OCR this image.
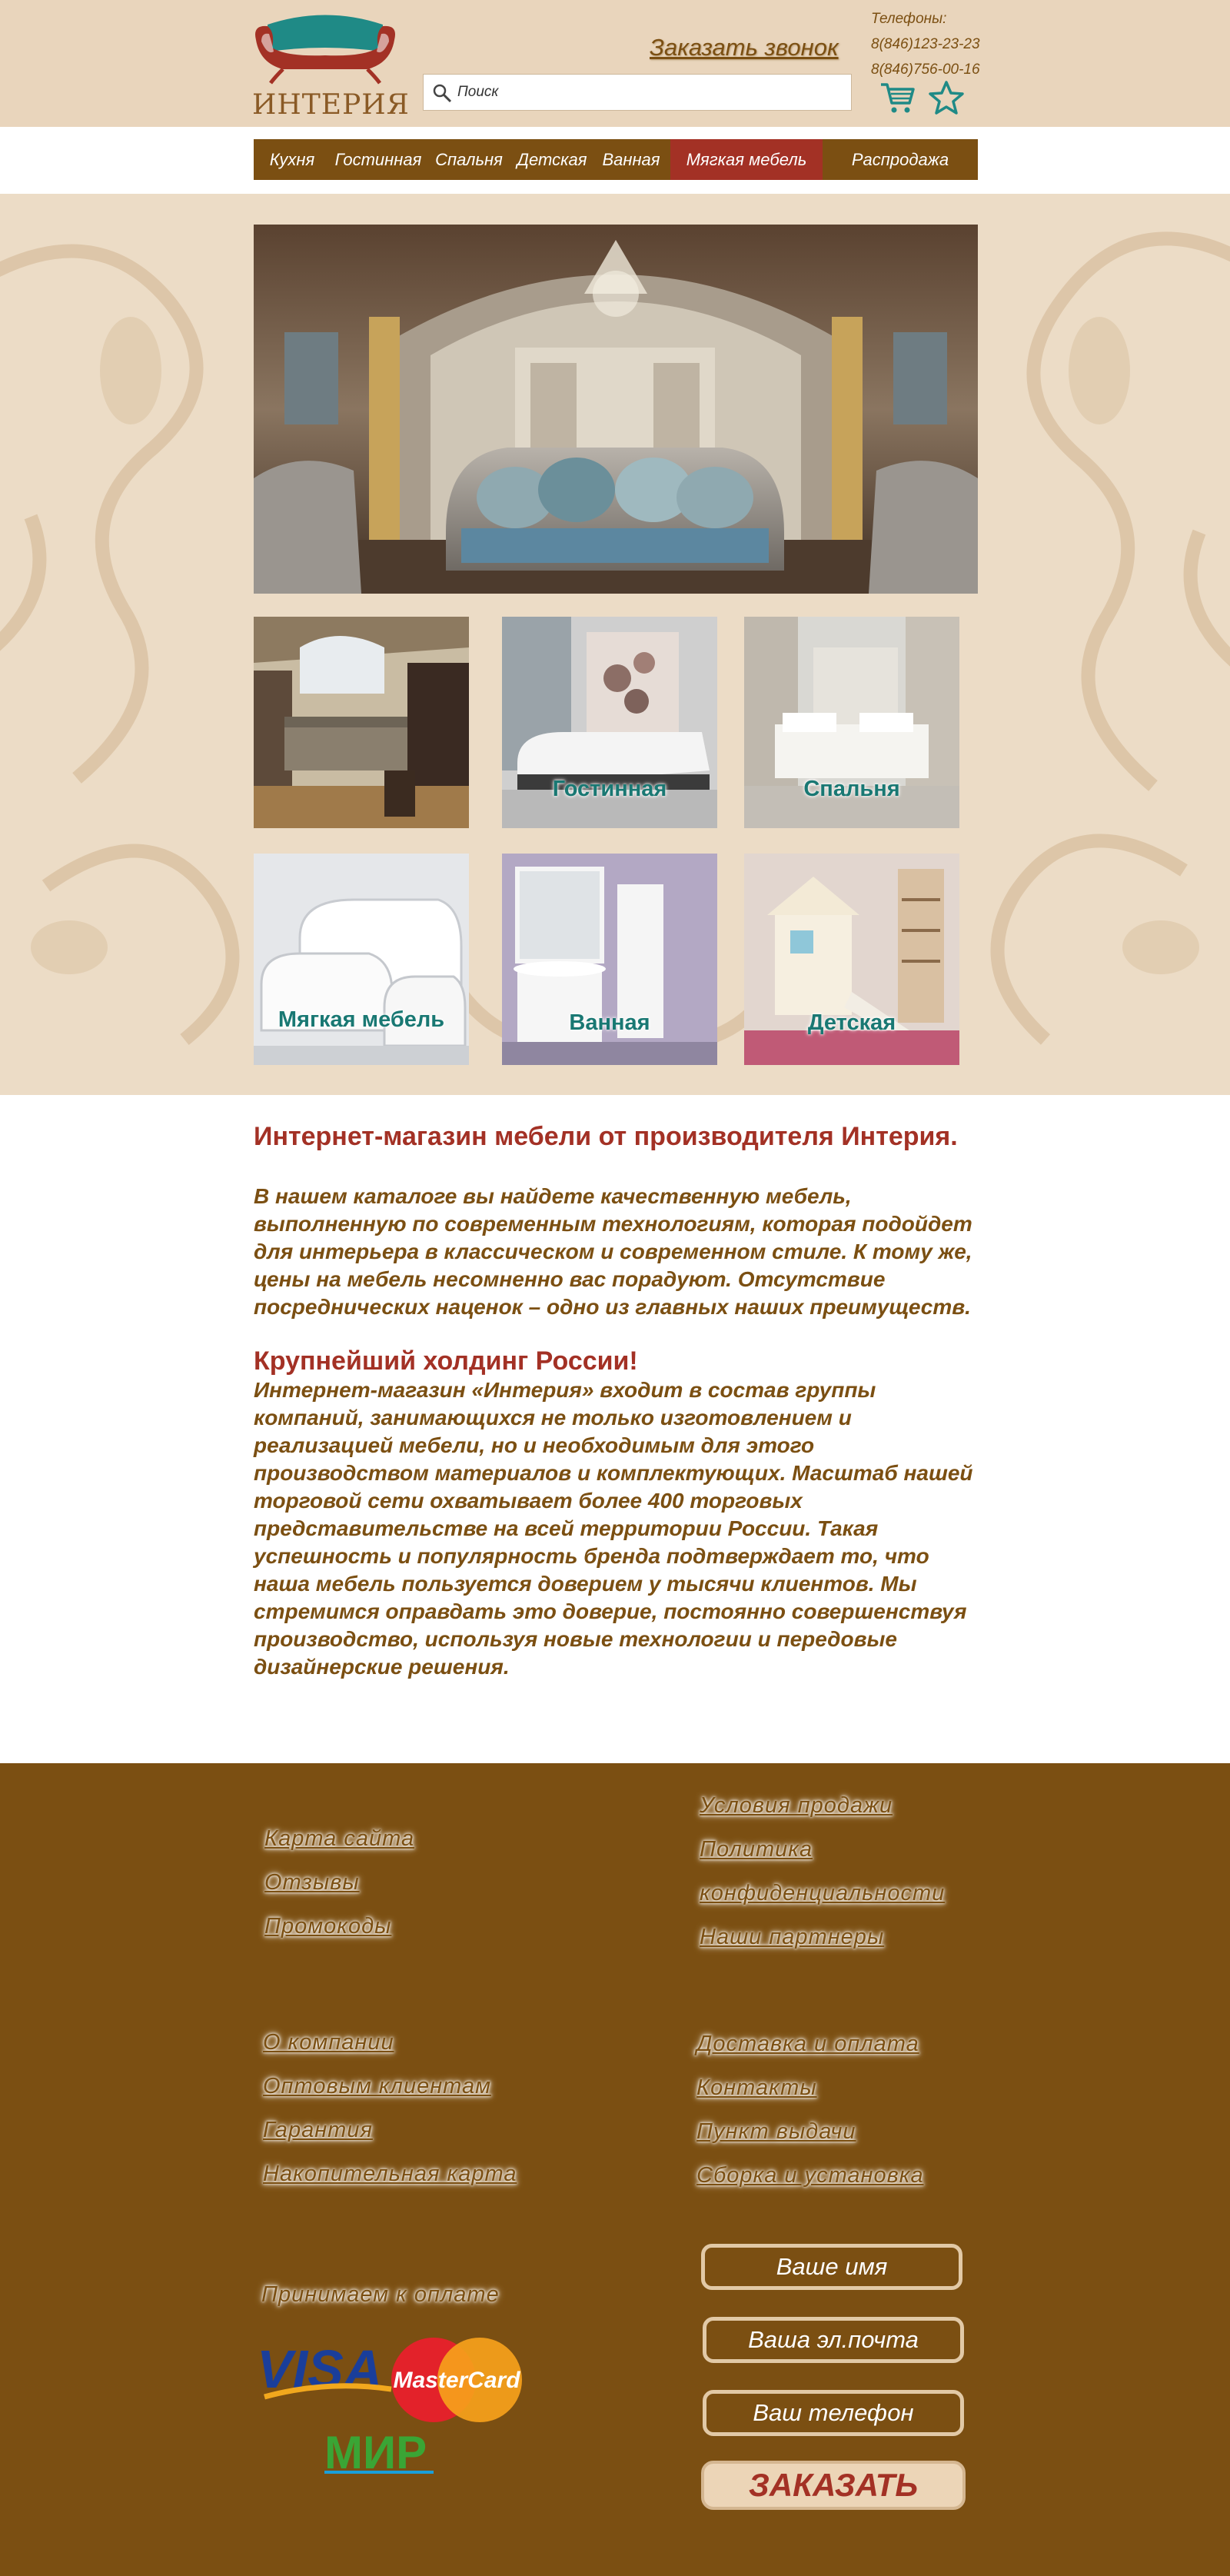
ИНТЕРИЯ
Заказать звонок
Поиск
Телефоны:
8(846)123-23-23
8(846)756-00-16
Кухня	Гостинная Спальня Детская Ванная	Мягкая мебель	Распродажа
Гостинная	Спальня
Мягкая мебель	Ванная	Детская
Интернет-магазин мебели от производителя Интерия.
В нашем каталоге вы найдете качественную мебель, выполненную по современным технологиям, которая подойдет для интерьера в классическом и современном стиле. К тому же, цены на мебель несомненно вас порадуют. Отсутствие посреднических наценок – одно из главных наших преимуществ.
Крупнейший холдинг России!
Интернет-магазин «Интерия» входит в состав группы компаний, занимающихся не только изготовлением и реализацией мебели, но и необходимым для этого производством материалов и комплектующих. Масштаб нашей торговой сети охватывает более 400 торговых представительстве на всей территории России. Такая успешность и популярность бренда подтверждает то, что наша мебель пользуется доверием у тысячи клиентов. Мы стремимся оправдать это доверие, постоянно совершенствуя производство, используя новые технологии и передовые дизайнерские решения.
Карта сайта
Отзывы
Промокоды
Условия продажи
Политика
конфиденциальности
Наши партнеры
О компании
Оптовым клиентам
Гарантия
Накопительная карта
Доставка и оплата
Контакты
Пункт выдачи
Сборка и установка
Принимаем к оплате
VISA MasterCard
МИР
Ваше имя
Ваша эл.почта
Ваш телефон
ЗАКАЗАТЬ
